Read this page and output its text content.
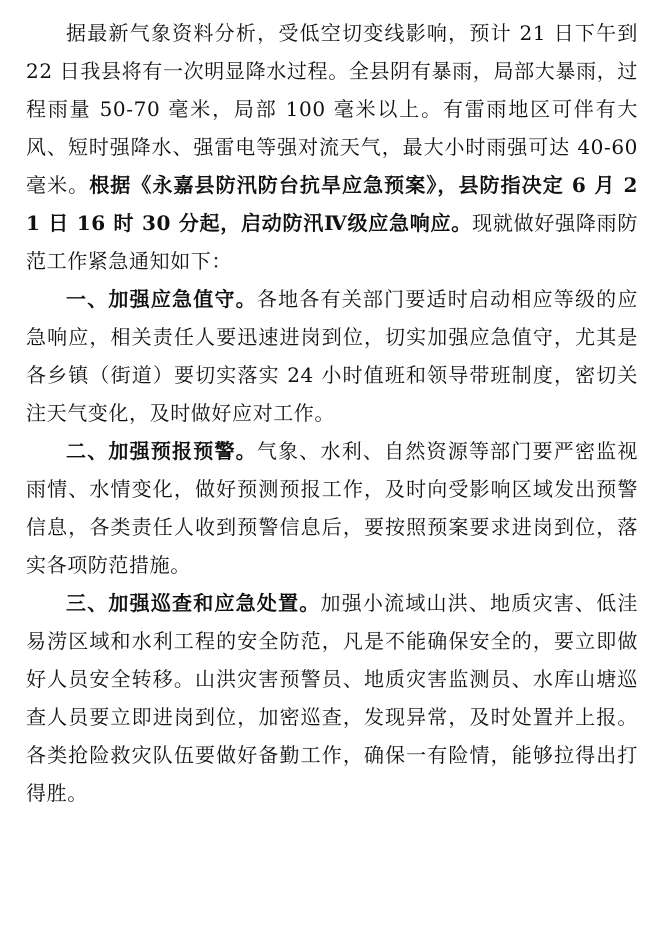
据最新气象资料分析，受低空切变线影响，预计 21 日下午到 22 日我县将有一次明显降水过程。全县阴有暴雨，局部大暴雨，过程雨量 50-70 毫米，局部 100 毫米以上。有雷雨地区可伴有大风、短时强降水、强雷电等强对流天气，最大小时雨强可达 40-60 毫米。根据《永嘉县防汛防台抗旱应急预案》，县防指决定 6 月 21 日 16 时 30 分起，启动防汛Ⅳ级应急响应。现就做好强降雨防范工作紧急通知如下：

一、加强应急值守。各地各有关部门要适时启动相应等级的应急响应，相关责任人要迅速进岗到位，切实加强应急值守，尤其是各乡镇（街道）要切实落实 24 小时值班和领导带班制度，密切关注天气变化，及时做好应对工作。

二、加强预报预警。气象、水利、自然资源等部门要严密监视雨情、水情变化，做好预测预报工作，及时向受影响区域发出预警信息，各类责任人收到预警信息后，要按照预案要求进岗到位，落实各项防范措施。

三、加强巡查和应急处置。加强小流域山洪、地质灾害、低洼易涝区域和水利工程的安全防范，凡是不能确保安全的，要立即做好人员安全转移。山洪灾害预警员、地质灾害监测员、水库山塘巡查人员要立即进岗到位，加密巡查，发现异常，及时处置并上报。各类抢险救灾队伍要做好备勤工作，确保一有险情，能够拉得出打得胜。
